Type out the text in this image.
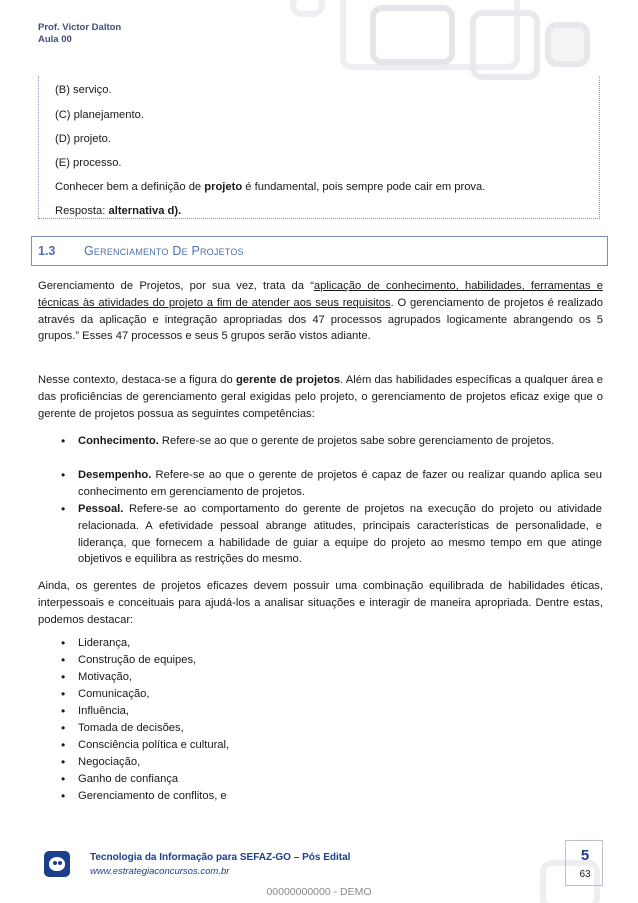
Prof. Victor Dalton
Aula 00

(B) serviço.

(C) planejamento.

(D) projeto.

(E) processo.

Conhecer bem a definição de projeto é fundamental, pois sempre pode cair em prova.

Resposta: alternativa d).

1.3	Gerenciamento De Projetos
Gerenciamento de Projetos, por sua vez, trata da “aplicação de conhecimento, habilidades, ferramentas e técnicas às atividades do projeto a fim de atender aos seus requisitos. O gerenciamento de projetos é realizado através da aplicação e integração apropriadas dos 47 processos agrupados logicamente abrangendo os 5 grupos.” Esses 47 processos e seus 5 grupos serão vistos adiante.
Nesse contexto, destaca-se a figura do gerente de projetos. Além das habilidades específicas a qualquer área e das proficiências de gerenciamento geral exigidas pelo projeto, o gerenciamento de projetos eficaz exige que o gerente de projetos possua as seguintes competências:
• Conhecimento. Refere-se ao que o gerente de projetos sabe sobre gerenciamento de projetos.
• Desempenho. Refere-se ao que o gerente de projetos é capaz de fazer ou realizar quando aplica seu conhecimento em gerenciamento de projetos.
• Pessoal. Refere-se ao comportamento do gerente de projetos na execução do projeto ou atividade relacionada. A efetividade pessoal abrange atitudes, principais características de personalidade, e liderança, que fornecem a habilidade de guiar a equipe do projeto ao mesmo tempo em que atinge objetivos e equilibra as restrições do mesmo.
Ainda, os gerentes de projetos eficazes devem possuir uma combinação equilibrada de habilidades éticas, interpessoais e conceituais para ajudá-los a analisar situações e interagir de maneira apropriada. Dentre estas, podemos destacar:
• Liderança,
• Construção de equipes,
• Motivação,
• Comunicação,
• Influência,
• Tomada de decisões,
• Consciência política e cultural,
• Negociação,
• Ganho de confiança
• Gerenciamento de conflitos, e
Tecnologia da Informação para SEFAZ-GO – Pós Edital
www.estrategiaconcursos.com.br
5
63
00000000000 - DEMO
